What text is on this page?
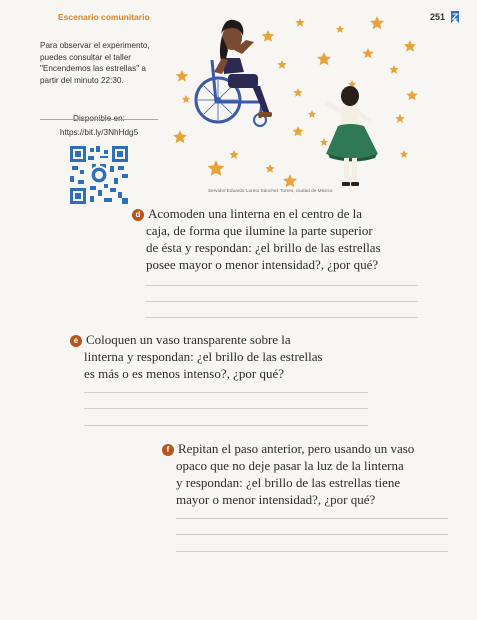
Escenario comunitario	251
Para observar el experimento,
puedes consultar el taller
"Encendemos las estrellas" a
partir del minuto 22:30.
https://bit.ly/3NhHdg5
Servidor Eduardo Loreto Sánchez Torres, ciudad de México
d Acomoden una linterna en el centro de la
caja, de forma que ilumine la parte superior
de ésta y respondan: ¿el brillo de las estrellas
posee mayor o menor intensidad?, ¿por qué?
e Coloquen un vaso transparente sobre la
linterna y respondan: ¿el brillo de las estrellas
es más o es menos intenso?, ¿por qué?
f Repitan el paso anterior, pero usando un vaso
opaco que no deje pasar la luz de la linterna
y respondan: ¿el brillo de las estrellas tiene
mayor o menor intensidad?, ¿por qué?
